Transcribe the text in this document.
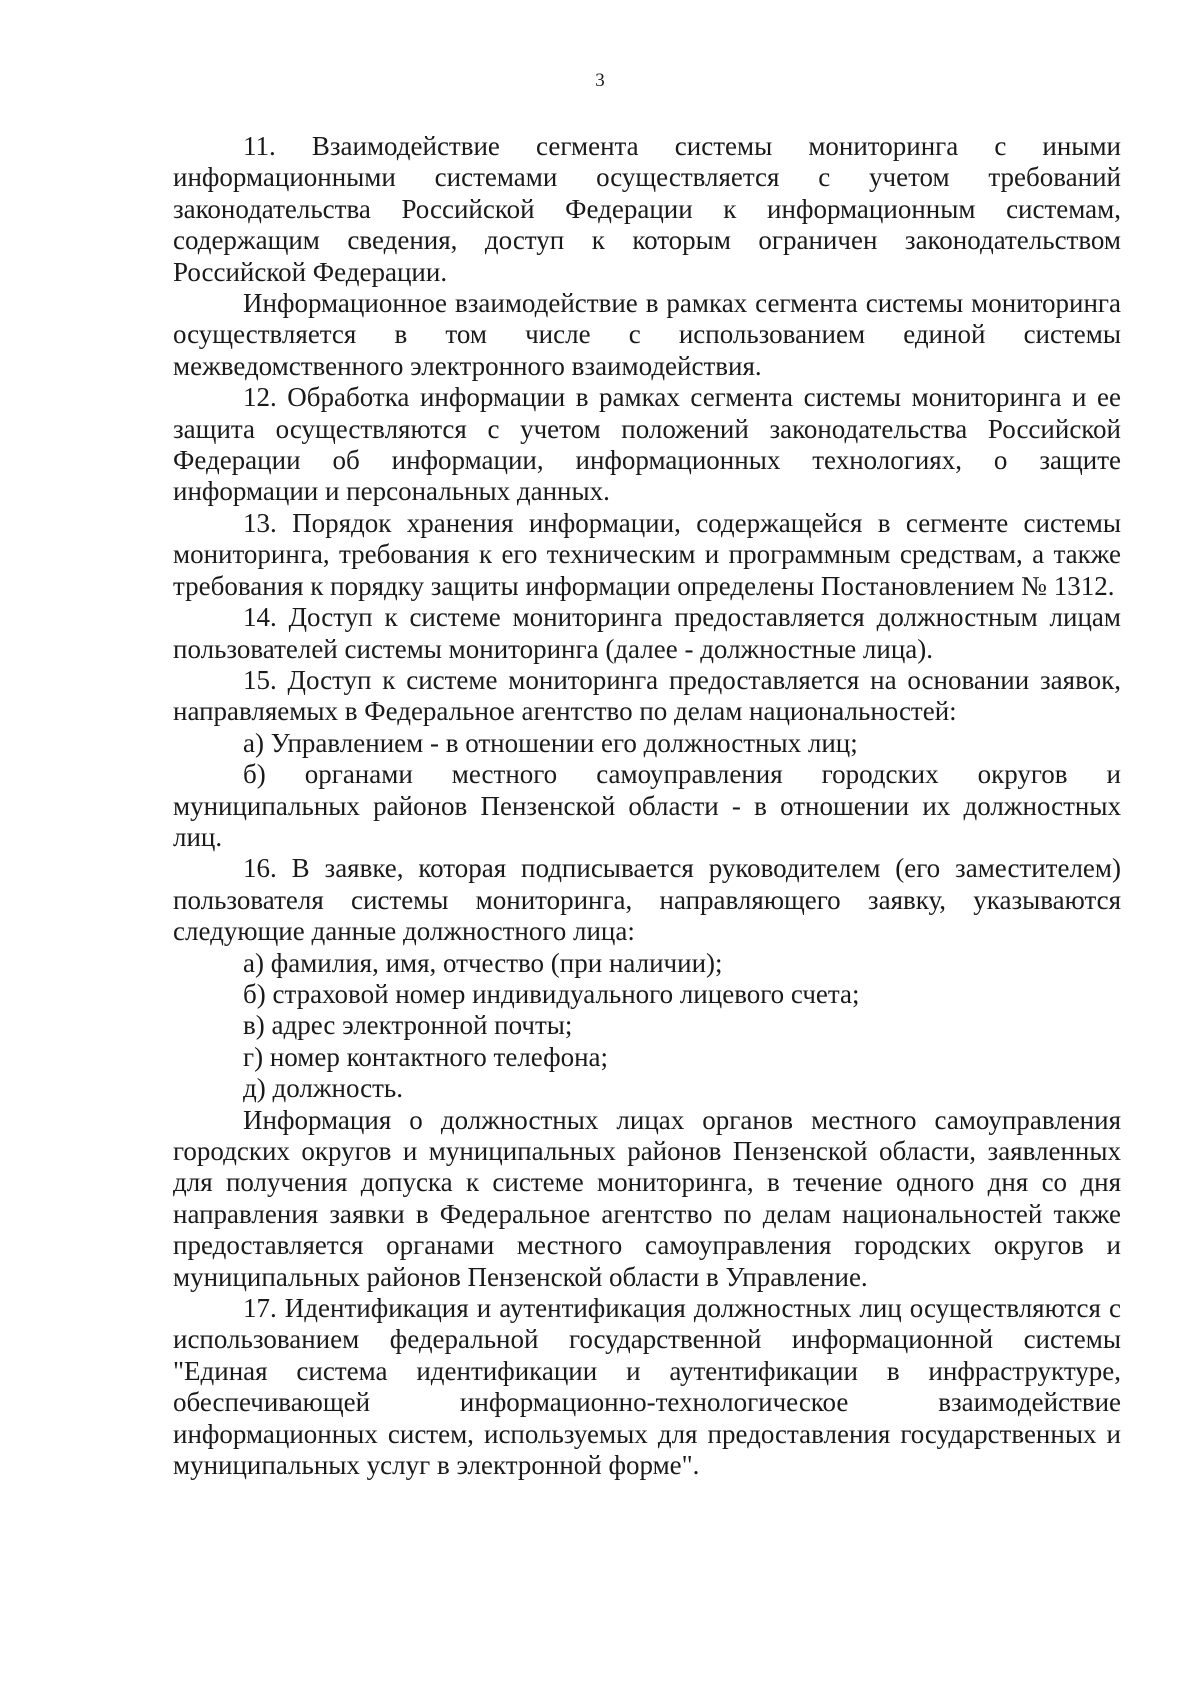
3

11. Взаимодействие сегмента системы мониторинга с иными информационными системами осуществляется с учетом требований законодательства Российской Федерации к информационным системам, содержащим сведения, доступ к которым ограничен законодательством Российской Федерации.

Информационное взаимодействие в рамках сегмента системы мониторинга осуществляется в том числе с использованием единой системы межведомственного электронного взаимодействия.

12. Обработка информации в рамках сегмента системы мониторинга и ее защита осуществляются с учетом положений законодательства Российской Федерации об информации, информационных технологиях, о защите информации и персональных данных.

13. Порядок хранения информации, содержащейся в сегменте системы мониторинга, требования к его техническим и программным средствам, а также требования к порядку защиты информации определены Постановлением № 1312.

14. Доступ к системе мониторинга предоставляется должностным лицам пользователей системы мониторинга (далее - должностные лица).

15. Доступ к системе мониторинга предоставляется на основании заявок, направляемых в Федеральное агентство по делам национальностей:

а) Управлением - в отношении его должностных лиц;

б) органами местного самоуправления городских округов и муниципальных районов Пензенской области - в отношении их должностных лиц.

16. В заявке, которая подписывается руководителем (его заместителем) пользователя системы мониторинга, направляющего заявку, указываются следующие данные должностного лица:

а) фамилия, имя, отчество (при наличии);

б) страховой номер индивидуального лицевого счета;

в) адрес электронной почты;

г) номер контактного телефона;

д) должность.

Информация о должностных лицах органов местного самоуправления городских округов и муниципальных районов Пензенской области, заявленных для получения допуска к системе мониторинга, в течение одного дня со дня направления заявки в Федеральное агентство по делам национальностей также предоставляется органами местного самоуправления городских округов и муниципальных районов Пензенской области в Управление.

17. Идентификация и аутентификация должностных лиц осуществляются с использованием федеральной государственной информационной системы "Единая система идентификации и аутентификации в инфраструктуре, обеспечивающей информационно-технологическое взаимодействие информационных систем, используемых для предоставления государственных и муниципальных услуг в электронной форме".
